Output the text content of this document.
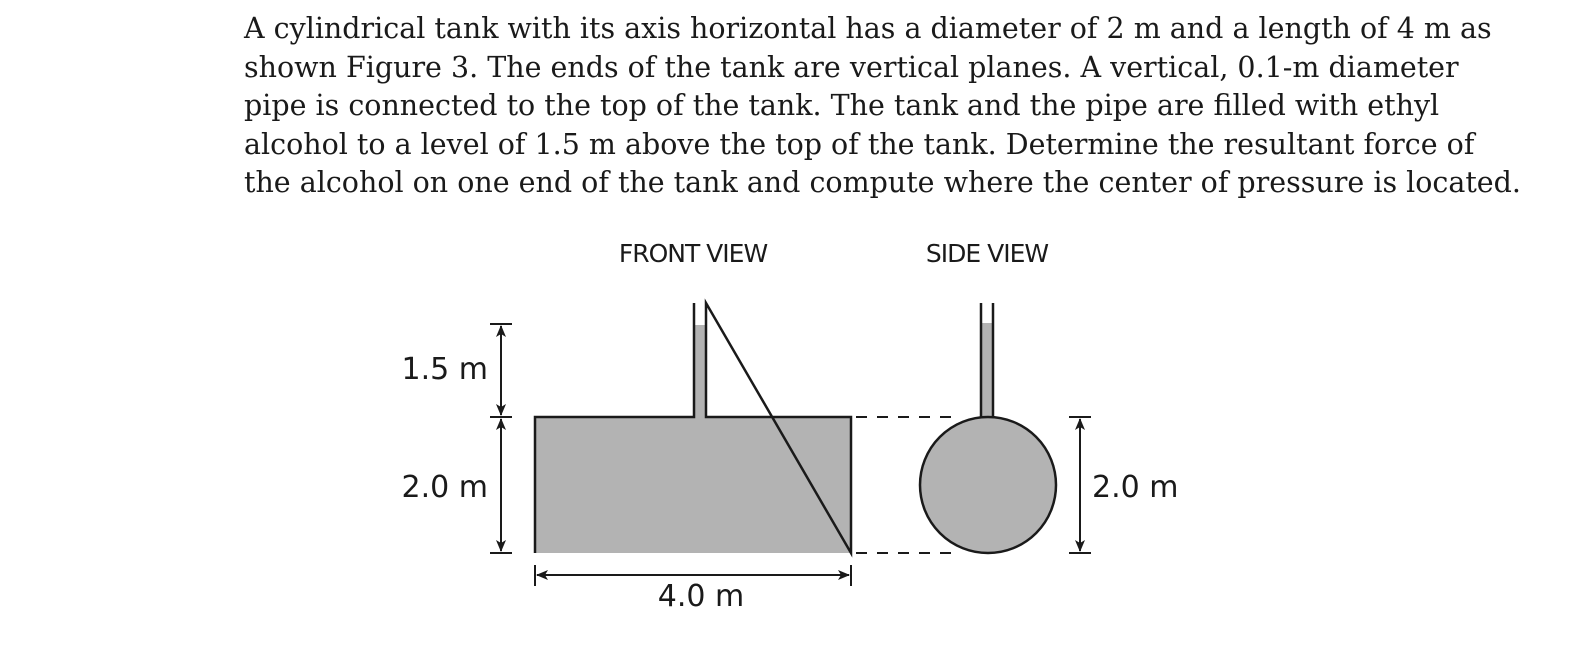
A cylindrical tank with its axis horizontal has a diameter of 2 m and a length of 4 m as
shown Figure 3. The ends of the tank are vertical planes. A vertical, 0.1-m diameter
pipe is connected to the top of the tank. The tank and the pipe are filled with ethyl
alcohol to a level of 1.5 m above the top of the tank. Determine the resultant force of
the alcohol on one end of the tank and compute where the center of pressure is located.

FRONT VIEW	SIDE VIEW
1.5 m
2.0 m
4.0 m
2.0 m
